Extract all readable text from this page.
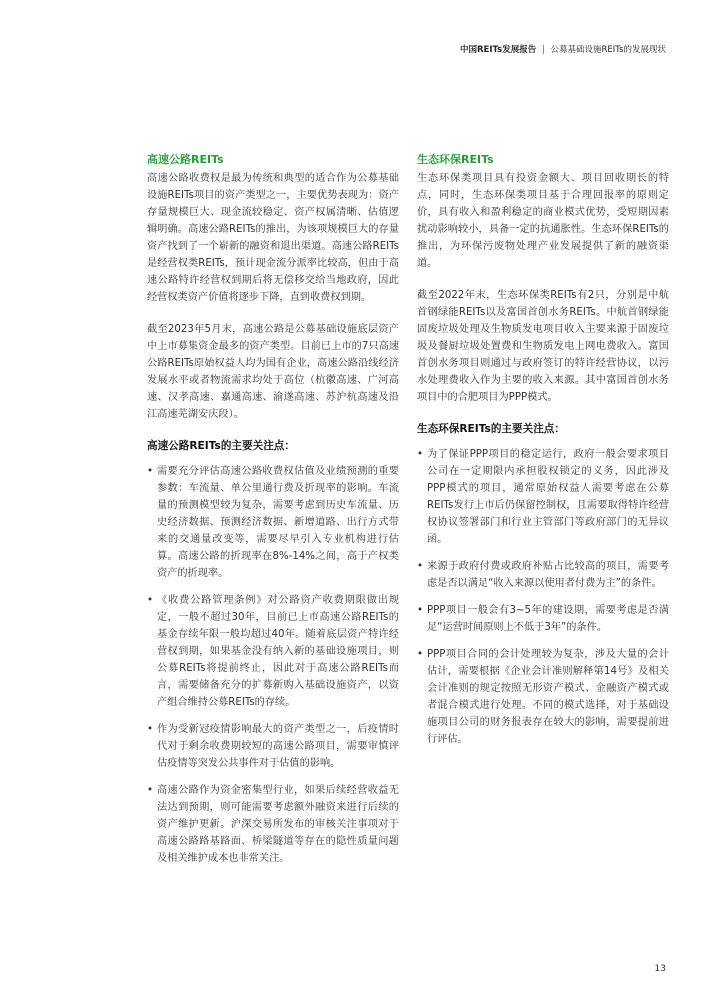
中国REITs发展报告 | 公募基础设施REITs的发展现状
高速公路REITs

高速公路收费权是最为传统和典型的适合作为公募基础设施REITs项目的资产类型之一，主要优势表现为：资产存量规模巨大、现金流较稳定、资产权属清晰、估值逻辑明确。高速公路REITs的推出，为该项规模巨大的存量资产找到了一个崭新的融资和退出渠道。高速公路REITs是经营权类REITs，预计现金流分派率比较高，但由于高速公路特许经营权到期后将无偿移交给当地政府，因此经营权类资产价值将逐步下降，直到收费权到期。

截至2023年5月末，高速公路是公募基础设施底层资产中上市募集资金最多的资产类型。目前已上市的7只高速公路REITs原始权益人均为国有企业，高速公路沿线经济发展水平或者物流需求均处于高位（杭徽高速、广河高速、汉孝高速、嘉通高速、渝遂高速、苏沪杭高速及沿江高速芜湖安庆段）。

高速公路REITs的主要关注点：
• 需要充分评估高速公路收费权估值及业绩预测的重要参数：车流量、单公里通行费及折现率的影响。车流量的预测模型较为复杂，需要考虑到历史车流量、历史经济数据、预测经济数据、新增道路、出行方式带来的交通量改变等，需要尽早引入专业机构进行估算。高速公路的折现率在8%-14%之间，高于产权类资产的折现率。
• 《收费公路管理条例》对公路资产收费期限做出规定，一般不超过30年，目前已上市高速公路REITs的基金存续年限一般均超过40年。随着底层资产特许经营权到期，如果基金没有纳入新的基础设施项目，则公募REITs将提前终止，因此对于高速公路REITs而言，需要储备充分的扩募新购入基础设施资产，以资产组合维持公募REITs的存续。
• 作为受新冠疫情影响最大的资产类型之一，后疫情时代对于剩余收费期较短的高速公路项目，需要审慎评估疫情等突发公共事件对于估值的影响。
• 高速公路作为资金密集型行业，如果后续经营收益无法达到预期，则可能需要考虑额外融资来进行后续的资产维护更新。沪深交易所发布的审核关注事项对于高速公路路基路面、桥梁隧道等存在的隐性质量问题及相关维护成本也非常关注。
生态环保REITs

生态环保类项目具有投资金额大、项目回收期长的特点，同时，生态环保类项目基于合理回报率的原则定价，具有收入和盈利稳定的商业模式优势，受短期因素扰动影响较小，具备一定的抗通胀性。生态环保REITs的推出，为环保污废物处理产业发展提供了新的融资渠道。

截至2022年末，生态环保类REITs有2只，分别是中航首钢绿能REITs以及富国首创水务REITs。中航首钢绿能固废垃圾处理及生物质发电项目收入主要来源于固废垃圾及餐厨垃圾处置费和生物质发电上网电费收入。富国首创水务项目则通过与政府签订的特许经营协议，以污水处理费收入作为主要的收入来源。其中富国首创水务项目中的合肥项目为PPP模式。

生态环保REITs的主要关注点：
• 为了保证PPP项目的稳定运行，政府一般会要求项目公司在一定期限内承担股权锁定的义务，因此涉及PPP模式的项目，通常原始权益人需要考虑在公募REITs发行上市后仍保留控制权，且需要取得特许经营权协议签署部门和行业主管部门等政府部门的无异议函。
• 来源于政府付费或政府补贴占比较高的项目，需要考虑是否以满足“收入来源以使用者付费为主”的条件。
• PPP项目一般会有3~5年的建设期，需要考虑是否满足“运营时间原则上不低于3年”的条件。
• PPP项目合同的会计处理较为复杂，涉及大量的会计估计，需要根据《企业会计准则解释第14号》及相关会计准则的规定按照无形资产模式、金融资产模式或者混合模式进行处理。不同的模式选择，对于基础设施项目公司的财务报表存在较大的影响，需要提前进行评估。
13
